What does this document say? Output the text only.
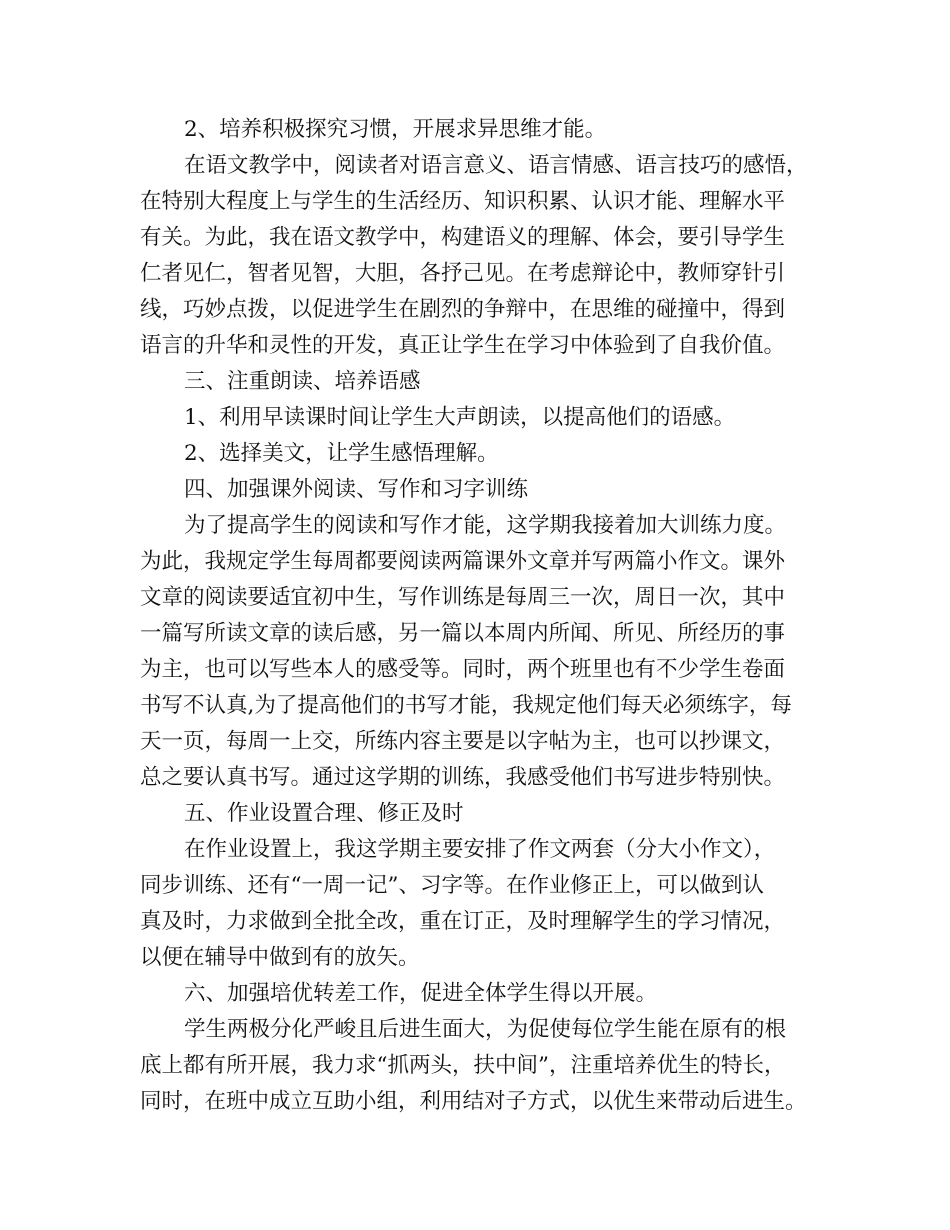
2、培养积极探究习惯，开展求异思维才能。
在语文教学中，阅读者对语言意义、语言情感、语言技巧的感悟，
在特别大程度上与学生的生活经历、知识积累、认识才能、理解水平
有关。为此，我在语文教学中，构建语义的理解、体会，要引导学生
仁者见仁，智者见智，大胆，各抒己见。在考虑辩论中，教师穿针引
线，巧妙点拨，以促进学生在剧烈的争辩中，在思维的碰撞中，得到
语言的升华和灵性的开发，真正让学生在学习中体验到了自我价值。
三、注重朗读、培养语感
1、利用早读课时间让学生大声朗读，以提高他们的语感。
2、选择美文，让学生感悟理解。
四、加强课外阅读、写作和习字训练
为了提高学生的阅读和写作才能，这学期我接着加大训练力度。
为此，我规定学生每周都要阅读两篇课外文章并写两篇小作文。课外
文章的阅读要适宜初中生，写作训练是每周三一次，周日一次，其中
一篇写所读文章的读后感，另一篇以本周内所闻、所见、所经历的事
为主，也可以写些本人的感受等。同时，两个班里也有不少学生卷面
书写不认真,为了提高他们的书写才能，我规定他们每天必须练字，每
天一页，每周一上交，所练内容主要是以字帖为主，也可以抄课文，
总之要认真书写。通过这学期的训练，我感受他们书写进步特别快。
五、作业设置合理、修正及时
在作业设置上，我这学期主要安排了作文两套（分大小作文），
同步训练、还有“一周一记”、习字等。在作业修正上，可以做到认
真及时，力求做到全批全改，重在订正，及时理解学生的学习情况，
以便在辅导中做到有的放矢。
六、加强培优转差工作，促进全体学生得以开展。
学生两极分化严峻且后进生面大，为促使每位学生能在原有的根
底上都有所开展，我力求“抓两头，扶中间”，注重培养优生的特长，
同时，在班中成立互助小组，利用结对子方式，以优生来带动后进生。
